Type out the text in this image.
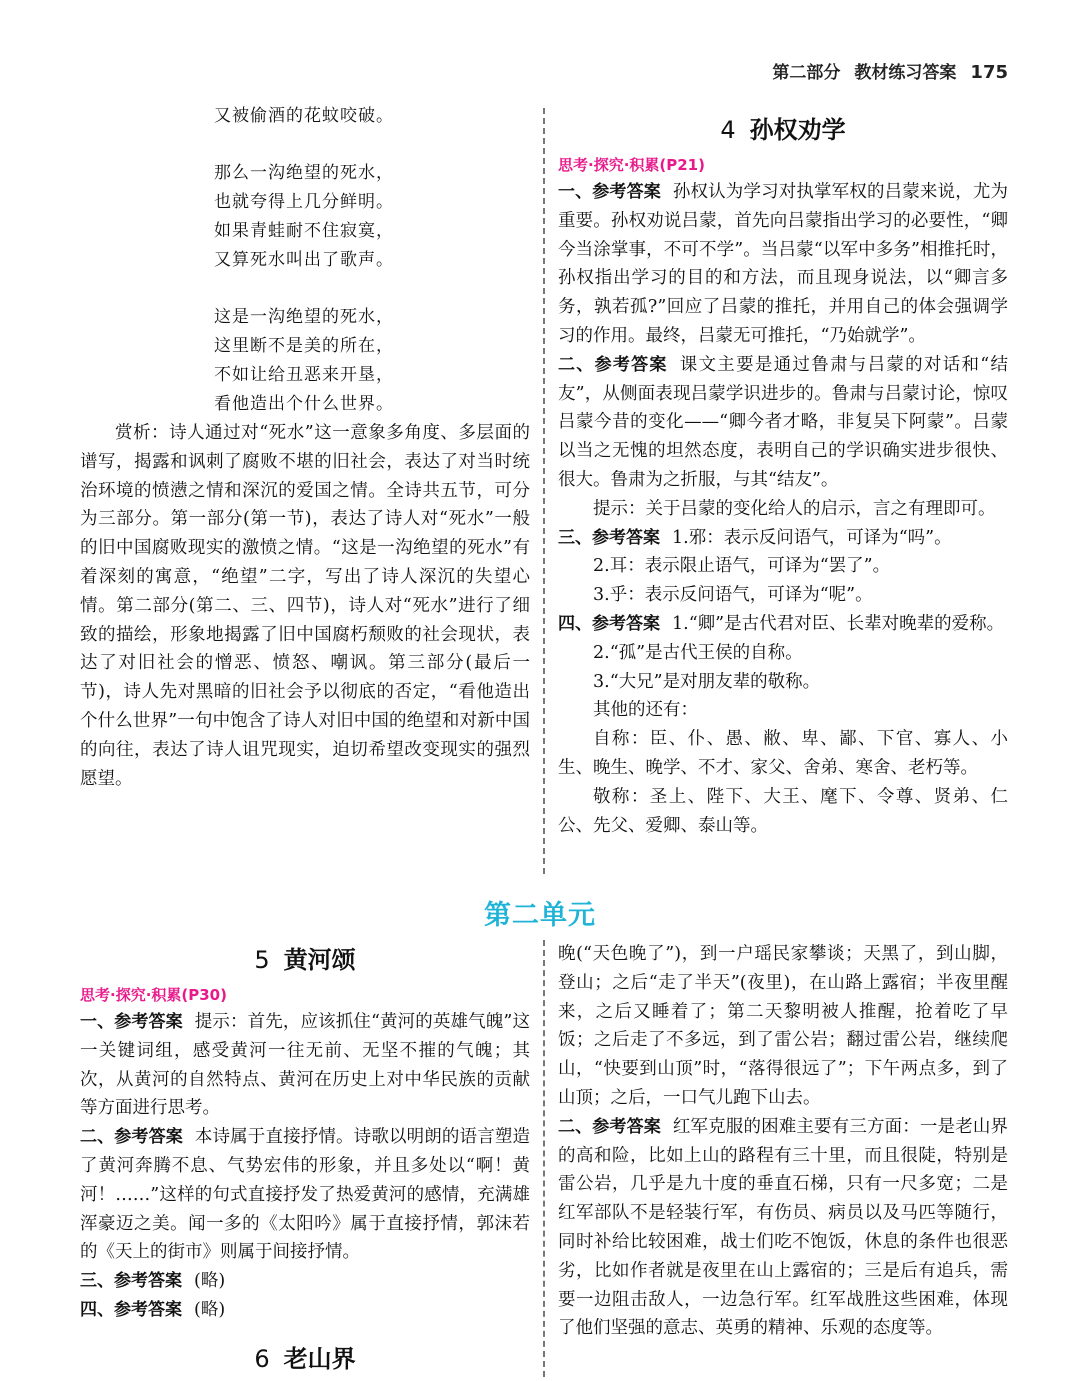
第二部分 教材练习答案 175
又被偷酒的花蚊咬破。
那么一沟绝望的死水，
也就夸得上几分鲜明。
如果青蛙耐不住寂寞，
又算死水叫出了歌声。
这是一沟绝望的死水，
这里断不是美的所在，
不如让给丑恶来开垦，
看他造出个什么世界。

赏析：诗人通过对“死水”这一意象多角度、多层面的谱写，揭露和讽刺了腐败不堪的旧社会，表达了对当时统治环境的愤懑之情和深沉的爱国之情。全诗共五节，可分为三部分。第一部分(第一节)，表达了诗人对“死水”一般的旧中国腐败现实的激愤之情。“这是一沟绝望的死水”有着深刻的寓意，“绝望”二字，写出了诗人深沉的失望心情。第二部分(第二、三、四节)，诗人对“死水”进行了细致的描绘，形象地揭露了旧中国腐朽颓败的社会现状，表达了对旧社会的憎恶、愤怒、嘲讽。第三部分(最后一节)，诗人先对黑暗的旧社会予以彻底的否定，“看他造出个什么世界”一句中饱含了诗人对旧中国的绝望和对新中国的向往，表达了诗人诅咒现实，迫切希望改变现实的强烈愿望。

4 孙权劝学
思考·探究·积累(P21)

一、参考答案 孙权认为学习对执掌军权的吕蒙来说，尤为重要。孙权劝说吕蒙，首先向吕蒙指出学习的必要性，“卿今当涂掌事，不可不学”。当吕蒙“以军中多务”相推托时，孙权指出学习的目的和方法，而且现身说法，以“卿言多务，孰若孤?”回应了吕蒙的推托，并用自己的体会强调学习的作用。最终，吕蒙无可推托，“乃始就学”。

二、参考答案 课文主要是通过鲁肃与吕蒙的对话和“结友”，从侧面表现吕蒙学识进步的。鲁肃与吕蒙讨论，惊叹吕蒙今昔的变化——“卿今者才略，非复吴下阿蒙”。吕蒙以当之无愧的坦然态度，表明自己的学识确实进步很快、很大。鲁肃为之折服，与其“结友”。

提示：关于吕蒙的变化给人的启示，言之有理即可。

三、参考答案 1.邪：表示反问语气，可译为“吗”。

2.耳：表示限止语气，可译为“罢了”。

3.乎：表示反问语气，可译为“呢”。

四、参考答案 1.“卿”是古代君对臣、长辈对晚辈的爱称。

2.“孤”是古代王侯的自称。

3.“大兄”是对朋友辈的敬称。

其他的还有：

自称：臣、仆、愚、敝、卑、鄙、下官、寡人、小生、晚生、晚学、不才、家父、舍弟、寒舍、老朽等。

敬称：圣上、陛下、大王、麾下、令尊、贤弟、仁公、先父、爱卿、泰山等。

第二单元
5 黄河颂
思考·探究·积累(P30)

一、参考答案 提示：首先，应该抓住“黄河的英雄气魄”这一关键词组，感受黄河一往无前、无坚不摧的气魄；其次，从黄河的自然特点、黄河在历史上对中华民族的贡献等方面进行思考。

二、参考答案 本诗属于直接抒情。诗歌以明朗的语言塑造了黄河奔腾不息、气势宏伟的形象，并且多处以“啊！黄河！……”这样的句式直接抒发了热爱黄河的感情，充满雄浑豪迈之美。闻一多的《太阳吟》属于直接抒情，郭沫若的《天上的街市》则属于间接抒情。

三、参考答案 (略)

四、参考答案 (略)

6 老山界

晚(“天色晚了”)，到一户瑶民家攀谈；天黑了，到山脚，登山；之后“走了半天”(夜里)，在山路上露宿；半夜里醒来，之后又睡着了；第二天黎明被人推醒，抢着吃了早饭；之后走了不多远，到了雷公岩；翻过雷公岩，继续爬山，“快要到山顶”时，“落得很远了”；下午两点多，到了山顶；之后，一口气儿跑下山去。

二、参考答案 红军克服的困难主要有三方面：一是老山界的高和险，比如上山的路程有三十里，而且很陡，特别是雷公岩，几乎是九十度的垂直石梯，只有一尺多宽；二是红军部队不是轻装行军，有伤员、病员以及马匹等随行，同时补给比较困难，战士们吃不饱饭，休息的条件也很恶劣，比如作者就是夜里在山上露宿的；三是后有追兵，需要一边阻击敌人，一边急行军。红军战胜这些困难，体现了他们坚强的意志、英勇的精神、乐观的态度等。
